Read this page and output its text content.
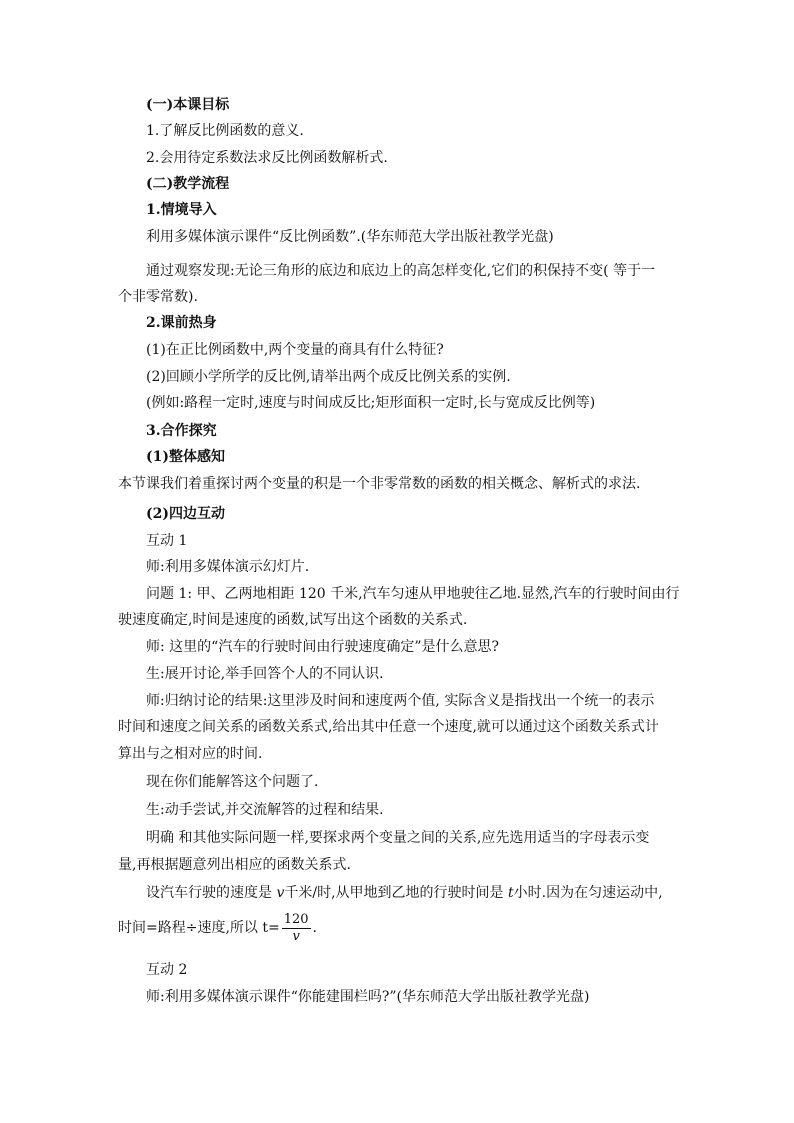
(一)本课目标
1.了解反比例函数的意义.
2.会用待定系数法求反比例函数解析式.
(二)教学流程
1.情境导入
利用多媒体演示课件“反比例函数”.(华东师范大学出版社教学光盘)
通过观察发现:无论三角形的底边和底边上的高怎样变化,它们的积保持不变( 等于一
个非零常数).
2.课前热身
(1)在正比例函数中,两个变量的商具有什么特征?
(2)回顾小学所学的反比例,请举出两个成反比例关系的实例.
(例如:路程一定时,速度与时间成反比;矩形面积一定时,长与宽成反比例等)
3.合作探究
(1)整体感知
本节课我们着重探讨两个变量的积是一个非零常数的函数的相关概念、解析式的求法.
(2)四边互动
互动 1
师:利用多媒体演示幻灯片.
问题 1: 甲、乙两地相距 120 千米,汽车匀速从甲地驶往乙地.显然,汽车的行驶时间由行
驶速度确定,时间是速度的函数,试写出这个函数的关系式.
师: 这里的“汽车的行驶时间由行驶速度确定”是什么意思?
生:展开讨论,举手回答个人的不同认识.
师:归纳讨论的结果:这里涉及时间和速度两个值, 实际含义是指找出一个统一的表示
时间和速度之间关系的函数关系式,给出其中任意一个速度,就可以通过这个函数关系式计
算出与之相对应的时间.
现在你们能解答这个问题了.
生:动手尝试,并交流解答的过程和结果.
明确 和其他实际问题一样,要探求两个变量之间的关系,应先选用适当的字母表示变
量,再根据题意列出相应的函数关系式.
设汽车行驶的速度是 v千米/时,从甲地到乙地的行驶时间是 t小时.因为在匀速运动中,
时间=路程÷速度,所以 $t= \frac{120}{v}$ .
互动 2
师:利用多媒体演示课件“你能建围栏吗?”(华东师范大学出版社教学光盘)
